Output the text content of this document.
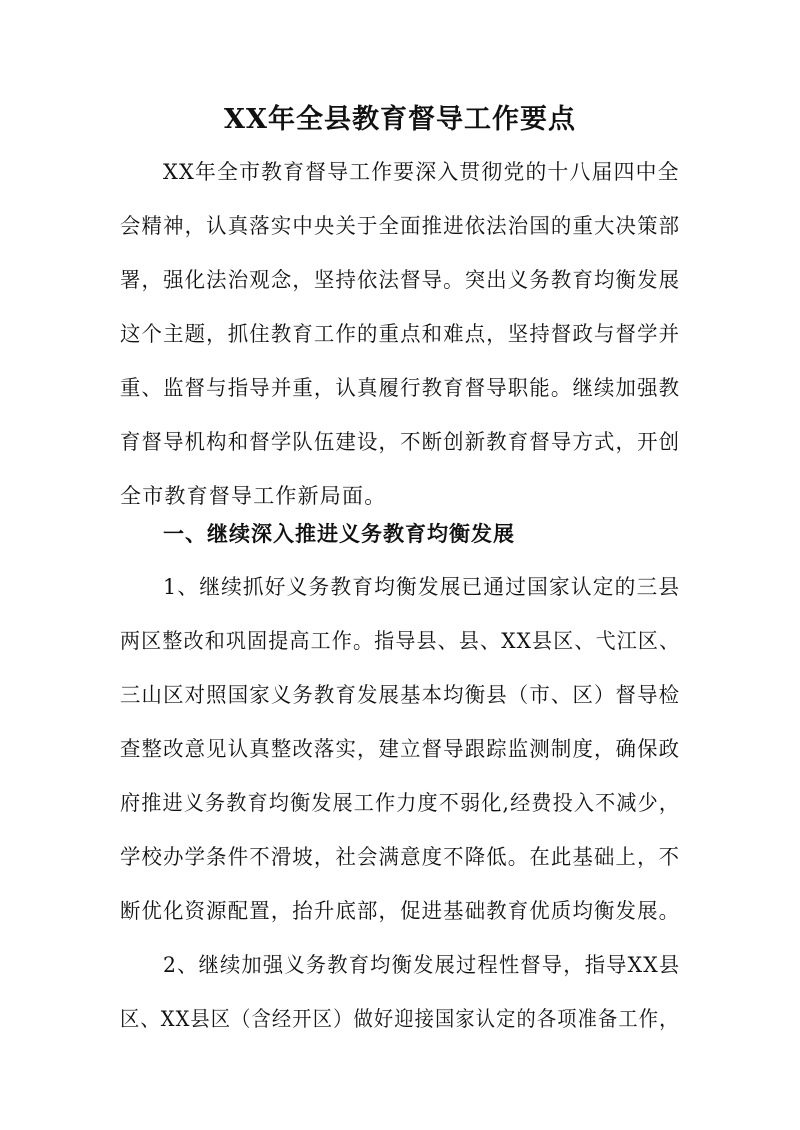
XX年全县教育督导工作要点
XX年全市教育督导工作要深入贯彻党的十八届四中全
会精神，认真落实中央关于全面推进依法治国的重大决策部
署，强化法治观念，坚持依法督导。突出义务教育均衡发展
这个主题，抓住教育工作的重点和难点，坚持督政与督学并
重、监督与指导并重，认真履行教育督导职能。继续加强教
育督导机构和督学队伍建设，不断创新教育督导方式，开创
全市教育督导工作新局面。
一、继续深入推进义务教育均衡发展
1、继续抓好义务教育均衡发展已通过国家认定的三县
两区整改和巩固提高工作。指导县、县、XX县区、弋江区、
三山区对照国家义务教育发展基本均衡县（市、区）督导检
查整改意见认真整改落实，建立督导跟踪监测制度，确保政
府推进义务教育均衡发展工作力度不弱化,经费投入不减少，
学校办学条件不滑坡，社会满意度不降低。在此基础上，不
断优化资源配置，抬升底部，促进基础教育优质均衡发展。
2、继续加强义务教育均衡发展过程性督导，指导XX县
区、XX县区（含经开区）做好迎接国家认定的各项准备工作，
